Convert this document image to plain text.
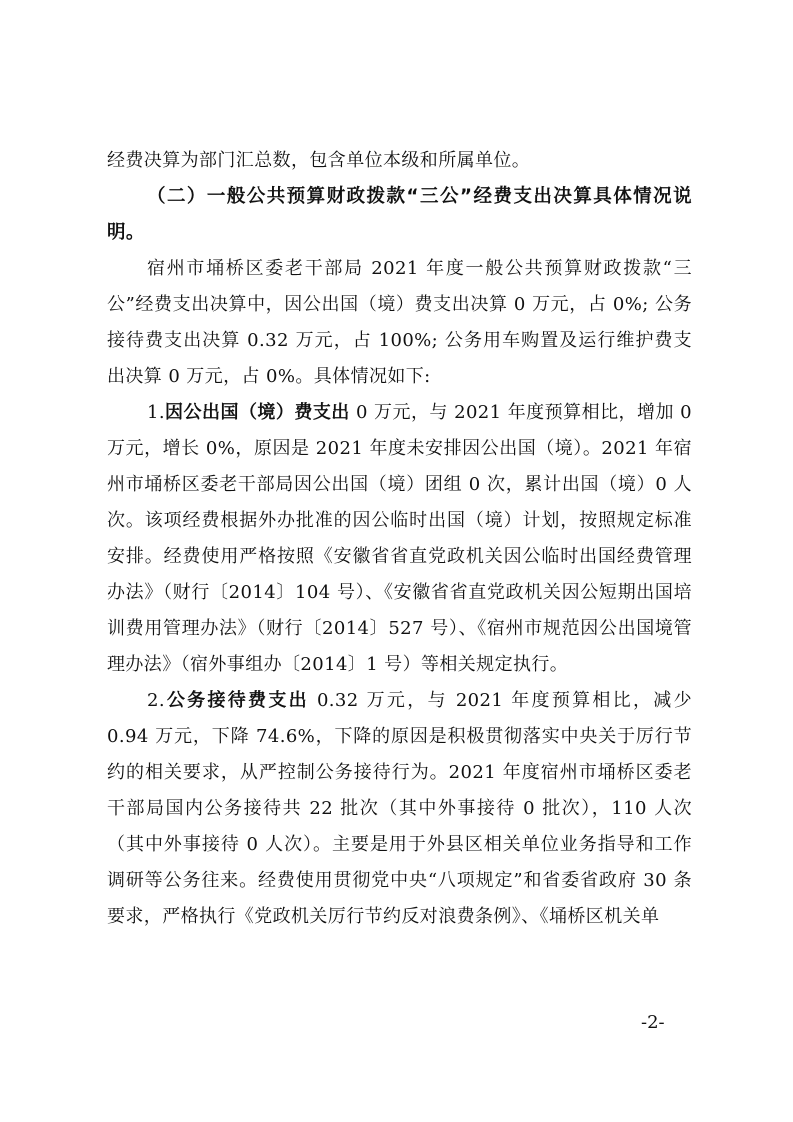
经费决算为部门汇总数，包含单位本级和所属单位。

（二）一般公共预算财政拨款“三公”经费支出决算具体情况说明。

宿州市埇桥区委老干部局 2021 年度一般公共预算财政拨款“三公”经费支出决算中，因公出国（境）费支出决算 0 万元，占 0%; 公务接待费支出决算 0.32 万元，占 100%; 公务用车购置及运行维护费支出决算 0 万元，占 0%。具体情况如下:

1.因公出国（境）费支出 0 万元，与 2021 年度预算相比，增加 0 万元，增长 0%，原因是 2021 年度未安排因公出国（境）。2021 年宿州市埇桥区委老干部局因公出国（境）团组 0 次，累计出国（境）0 人次。该项经费根据外办批准的因公临时出国（境）计划，按照规定标准安排。经费使用严格按照《安徽省省直党政机关因公临时出国经费管理办法》（财行〔2014〕104 号）、《安徽省省直党政机关因公短期出国培训费用管理办法》（财行〔2014〕527 号）、《宿州市规范因公出国境管理办法》（宿外事组办〔2014〕1 号）等相关规定执行。

2.公务接待费支出 0.32 万元，与 2021 年度预算相比，减少 0.94 万元，下降 74.6%，下降的原因是积极贯彻落实中央关于厉行节约的相关要求，从严控制公务接待行为。2021 年度宿州市埇桥区委老干部局国内公务接待共 22 批次（其中外事接待 0 批次），110 人次（其中外事接待 0 人次）。主要是用于外县区相关单位业务指导和工作调研等公务往来。经费使用贯彻党中央“八项规定”和省委省政府 30 条要求，严格执行《党政机关厉行节约反对浪费条例》、《埇桥区机关单

-2-
